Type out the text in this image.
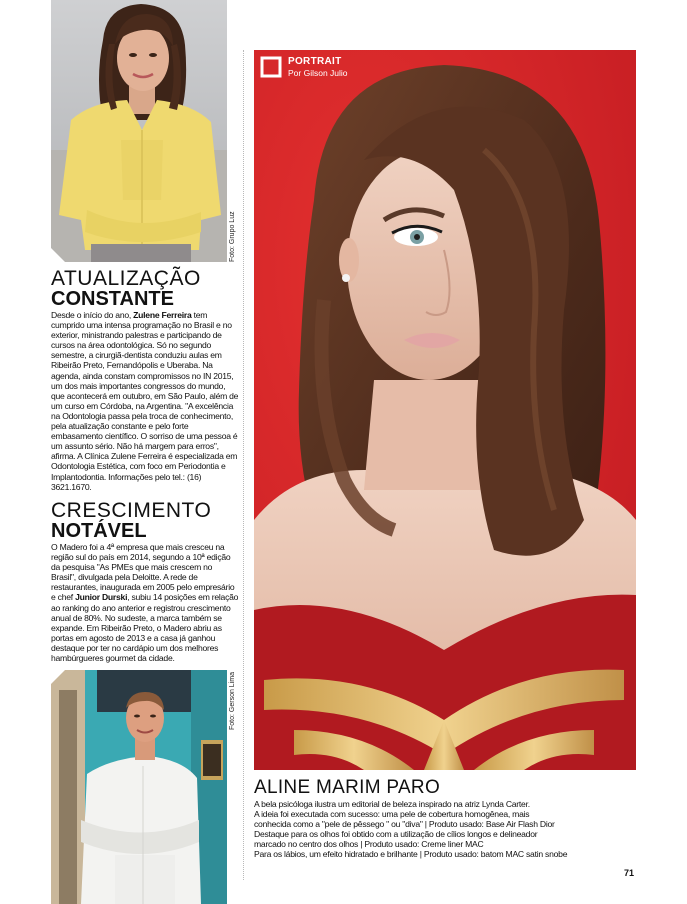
Foto: Grupo Luz
ATUALIZAÇÃO
CONSTANTE

Desde o início do ano, Zulene Ferreira tem cumprido uma intensa programação no Brasil e no exterior, ministrando palestras e participando de cursos na área odontológica. Só no segundo semestre, a cirurgiã-dentista conduziu aulas em Ribeirão Preto, Fernandópolis e Uberaba. Na agenda, ainda constam compromissos no IN 2015, um dos mais importantes congressos do mundo, que acontecerá em outubro, em São Paulo, além de um curso em Córdoba, na Argentina. "A excelência na Odontologia passa pela troca de conhecimento, pela atualização constante e pelo forte embasamento científico. O sorriso de uma pessoa é um assunto sério. Não há margem para erros", afirma. A Clínica Zulene Ferreira é especializada em Odontologia Estética, com foco em Periodontia e Implantodontia. Informações pelo tel.: (16) 3621.1670.

CRESCIMENTO
NOTÁVEL

O Madero foi a 4ª empresa que mais cresceu na região sul do país em 2014, segundo a 10ª edição da pesquisa "As PMEs que mais crescem no Brasil", divulgada pela Deloitte. A rede de restaurantes, inaugurada em 2005 pelo empresário e chef Junior Durski, subiu 14 posições em relação ao ranking do ano anterior e registrou crescimento anual de 80%. No sudeste, a marca também se expande. Em Ribeirão Preto, o Madero abriu as portas em agosto de 2013 e a casa já ganhou destaque por ter no cardápio um dos melhores hambúrgueres gourmet da cidade.

Foto: Gerson Lima
PORTRAIT
Por Gilson Julio
ALINE MARIM PARO
A bela psicóloga ilustra um editorial de beleza inspirado na atriz Lynda Carter.
A ideia foi executada com sucesso: uma pele de cobertura homogênea, mais
conhecida como a "pele de pêssego " ou "diva" | Produto usado: Base Air Flash Dior
Destaque para os olhos foi obtido com a utilização de cílios longos e delineador
marcado no centro dos olhos | Produto usado: Creme liner MAC
Para os lábios, um efeito hidratado e brilhante | Produto usado: batom MAC satin snobe
71
